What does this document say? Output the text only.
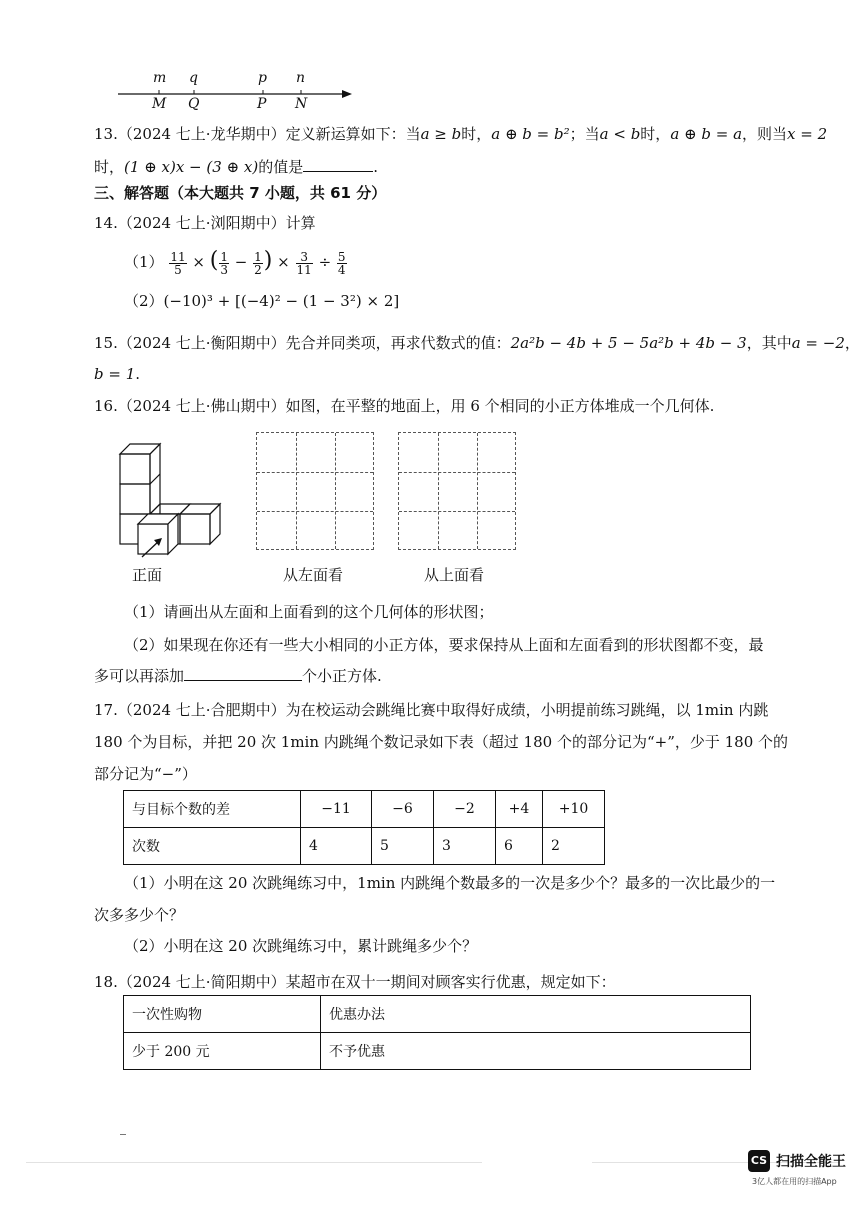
m q	p n
M Q	P N
13.（2024 七上·龙华期中）定义新运算如下：当a ≥ b时，a ⊕ b = b²；当a < b时，a ⊕ b = a，则当x = 2
时，(1 ⊕ x)x − (3 ⊕ x)的值是	.
三、解答题（本大题共 7 小题，共 61 分）
14.（2024 七上·浏阳期中）计算
$(1) \frac{11}{5}$ × ( $\frac{1}{3} - \frac{1}{2}$ ) × $\frac{3}{11} \div \frac{5}{4}$
（2）(−10)³ + [(−4)² − (1 − 3²) × 2]
15.（2024 七上·衡阳期中）先合并同类项，再求代数式的值：2a²b − 4b + 5 − 5a²b + 4b − 3，其中a = −2，
b = 1.
16.（2024 七上·佛山期中）如图，在平整的地面上，用 6 个相同的小正方体堆成一个几何体.
正面	从左面看	从上面看
（1）请画出从左面和上面看到的这个几何体的形状图；
（2）如果现在你还有一些大小相同的小正方体，要求保持从上面和左面看到的形状图都不变，最
多可以再添加	个小正方体.
17.（2024 七上·合肥期中）为在校运动会跳绳比赛中取得好成绩，小明提前练习跳绳，以 1min 内跳
180 个为目标，并把 20 次 1min 内跳绳个数记录如下表（超过 180 个的部分记为“+”，少于 180 个的
部分记为“−”）
与目标个数的差	−11	−6	−2	+4	+10
次数	4	5	3	6	2
（1）小明在这 20 次跳绳练习中，1min 内跳绳个数最多的一次是多少个？最多的一次比最少的一
次多多少个？
（2）小明在这 20 次跳绳练习中，累计跳绳多少个？
18.（2024 七上·简阳期中）某超市在双十一期间对顾客实行优惠，规定如下：
一次性购物	优惠办法
少于 200 元	不予优惠
CS 扫描全能王
3亿人都在用的扫描App
